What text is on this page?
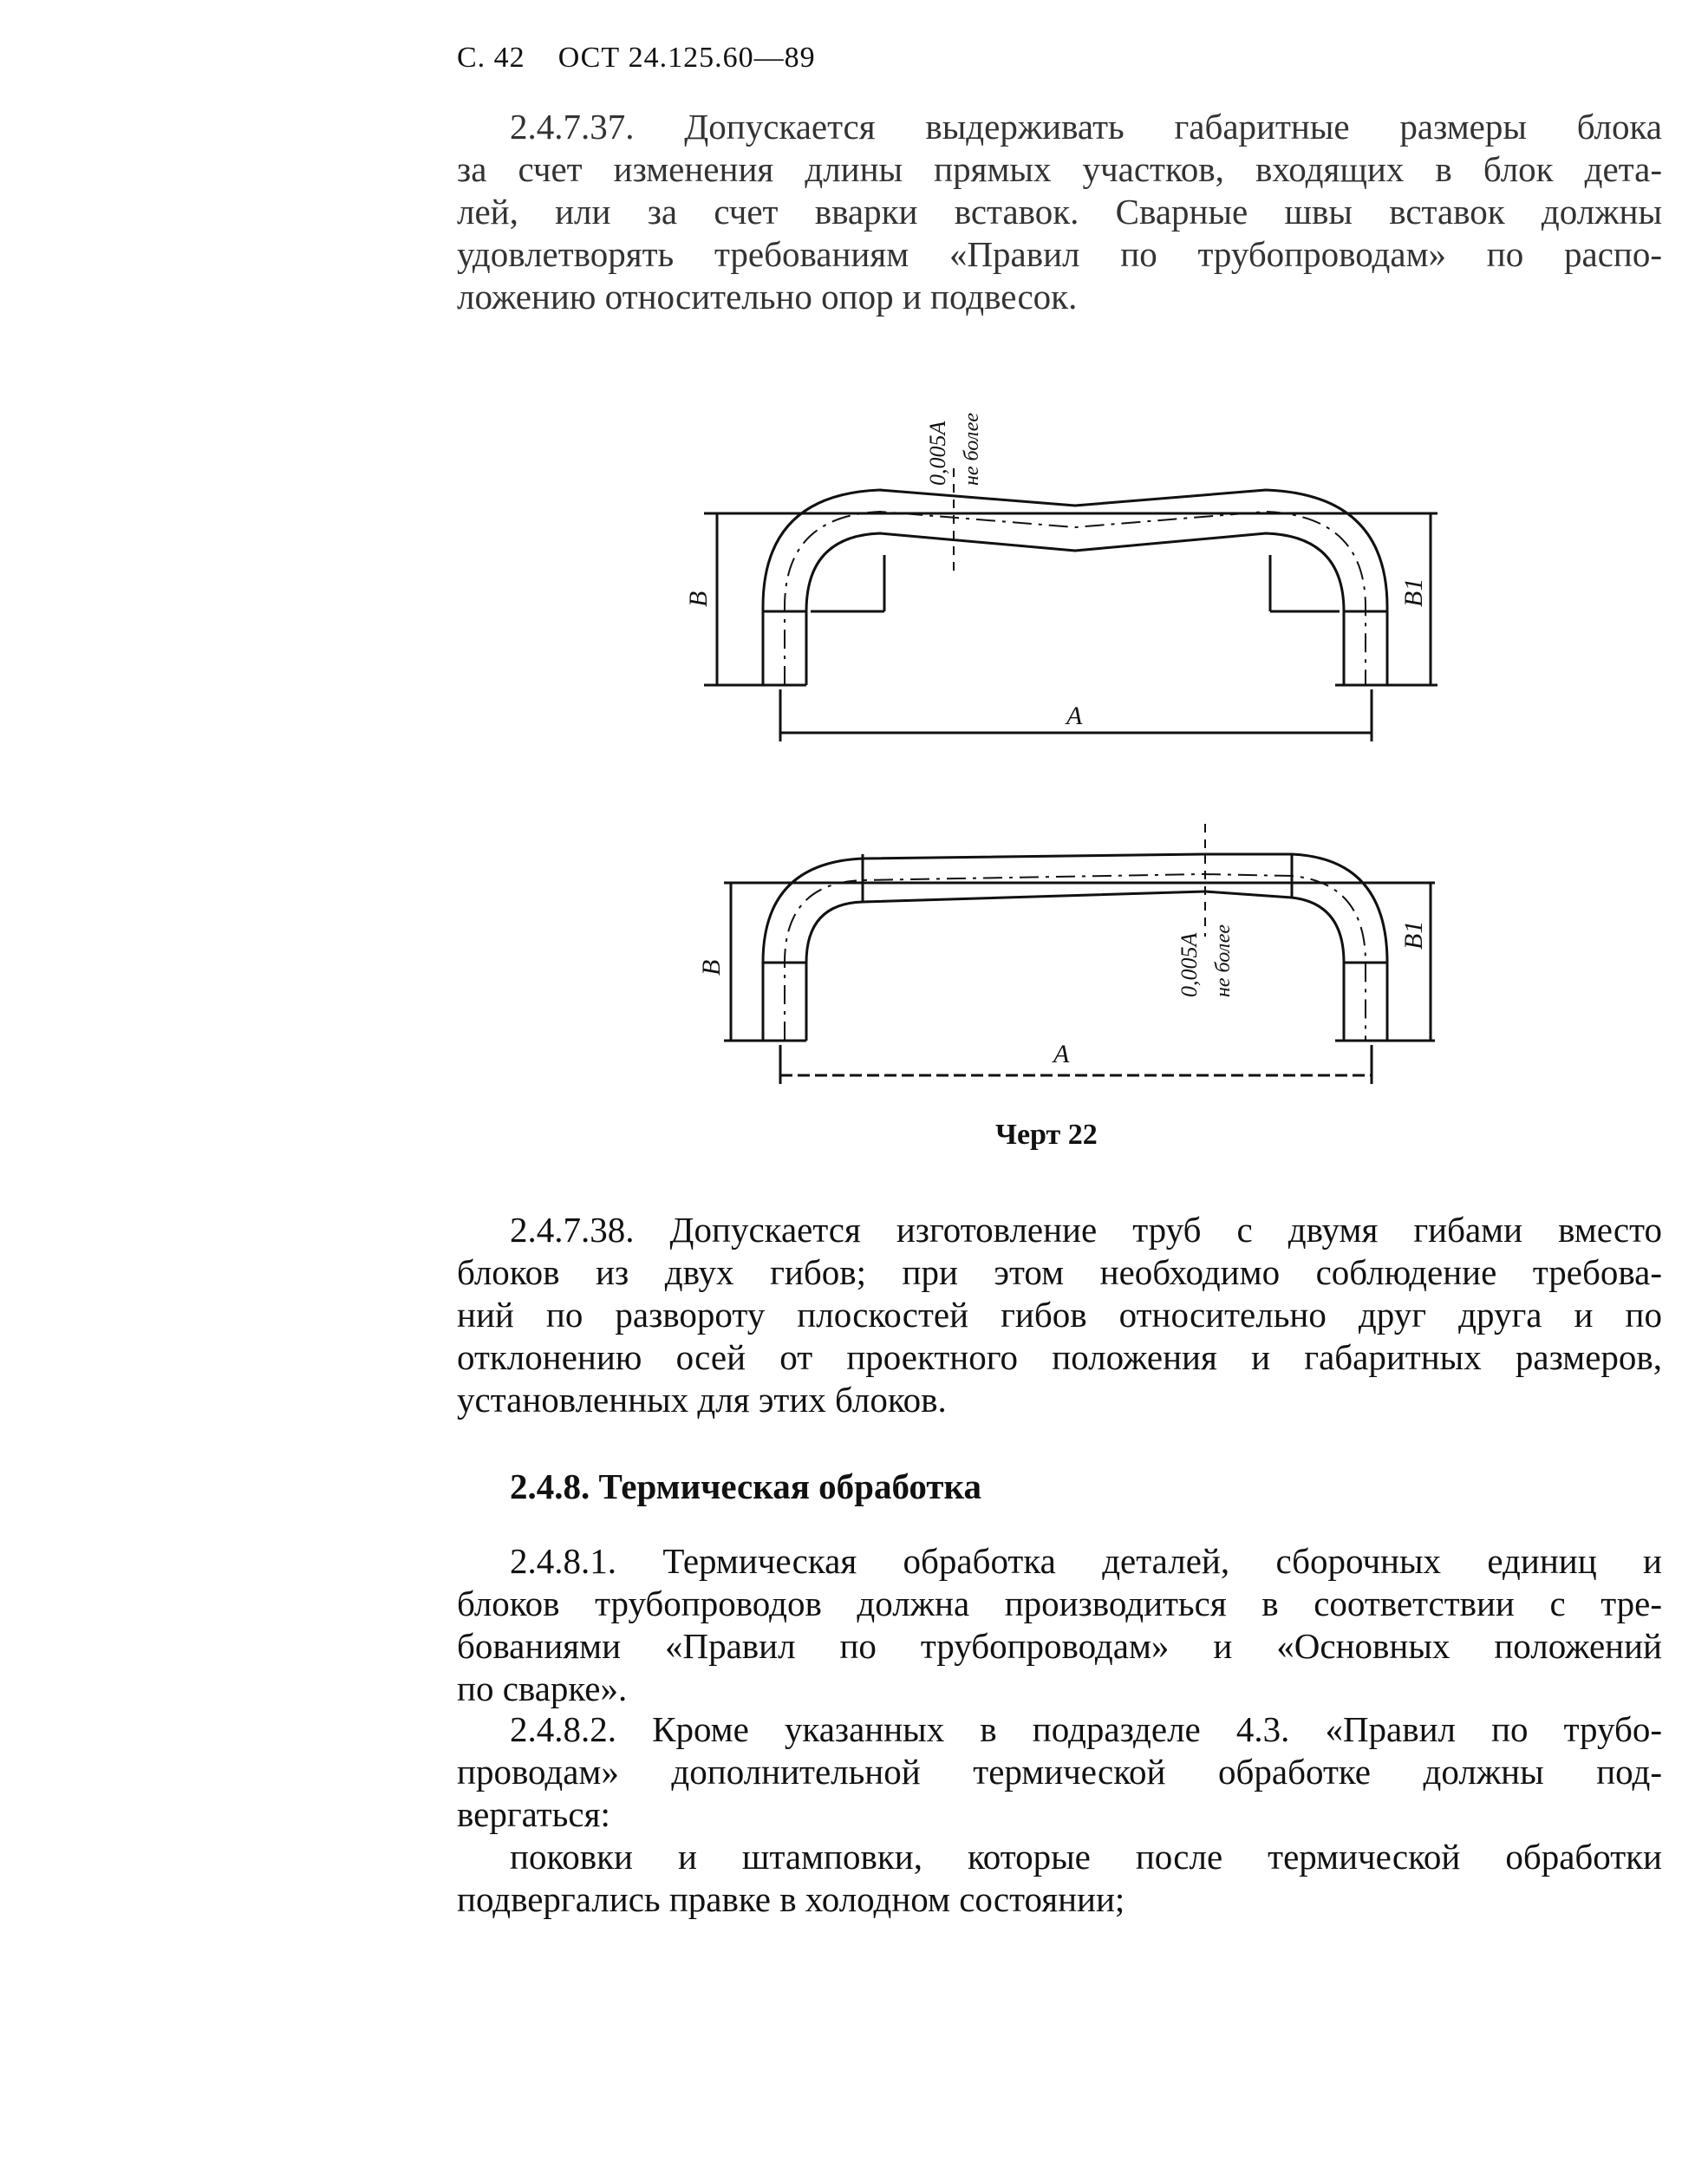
С. 42 ОСТ 24.125.60—89

2.4.7.37. Допускается выдерживать габаритные размеры блока
за счет изменения длины прямых участков, входящих в блок дета-
лей, или за счет вварки вставок. Сварные швы вставок должны
удовлетворять требованиям «Правил по трубопроводам» по распо-
ложению относительно опор и подвесок.

В	В1
А
0,005А не более
В
В1
А
0,005А не более
Черт 22

2.4.7.38. Допускается изготовление труб с двумя гибами вместо
блоков из двух гибов; при этом необходимо соблюдение требова-
ний по развороту плоскостей гибов относительно друг друга и по
отклонению осей от проектного положения и габаритных размеров,
установленных для этих блоков.

2.4.8. Термическая обработка

2.4.8.1. Термическая обработка деталей, сборочных единиц и
блоков трубопроводов должна производиться в соответствии с тре-
бованиями «Правил по трубопроводам» и «Основных положений
по сварке».

2.4.8.2. Кроме указанных в подразделе 4.3. «Правил по трубо-
проводам» дополнительной термической обработке должны под-
вергаться:

поковки и штамповки, которые после термической обработки
подвергались правке в холодном состоянии;
